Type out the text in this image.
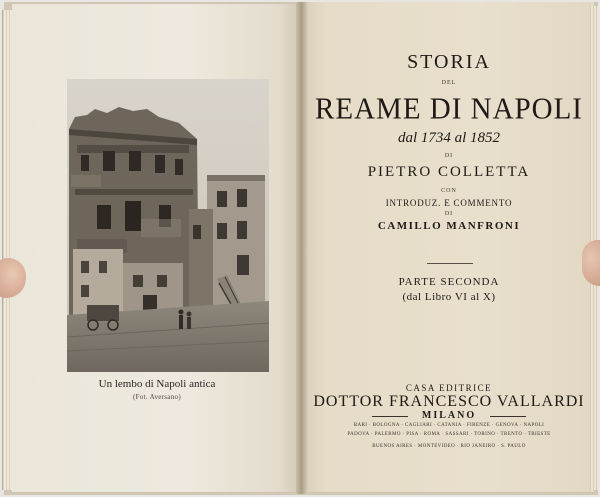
Un lembo di Napoli antica
(Fot. Aversano)
STORIA
DEL
REAME DI NAPOLI
dal 1734 al 1852
DI
PIETRO COLLETTA
CON
INTRODUZ. E COMMENTO
DI
CAMILLO MANFRONI
PARTE SECONDA
(dal Libro VI al X)
CASA EDITRICE
DOTTOR FRANCESCO VALLARDI
MILANO
BARI · BOLOGNA · CAGLIARI · CATANIA · FIRENZE · GENOVA · NAPOLI
PADOVA · PALERMO · PISA · ROMA · SASSARI · TORINO · TRENTO · TRIESTE
BUENOS AIRES · MONTEVIDEO · RIO JANEIRO · S. PAULO
